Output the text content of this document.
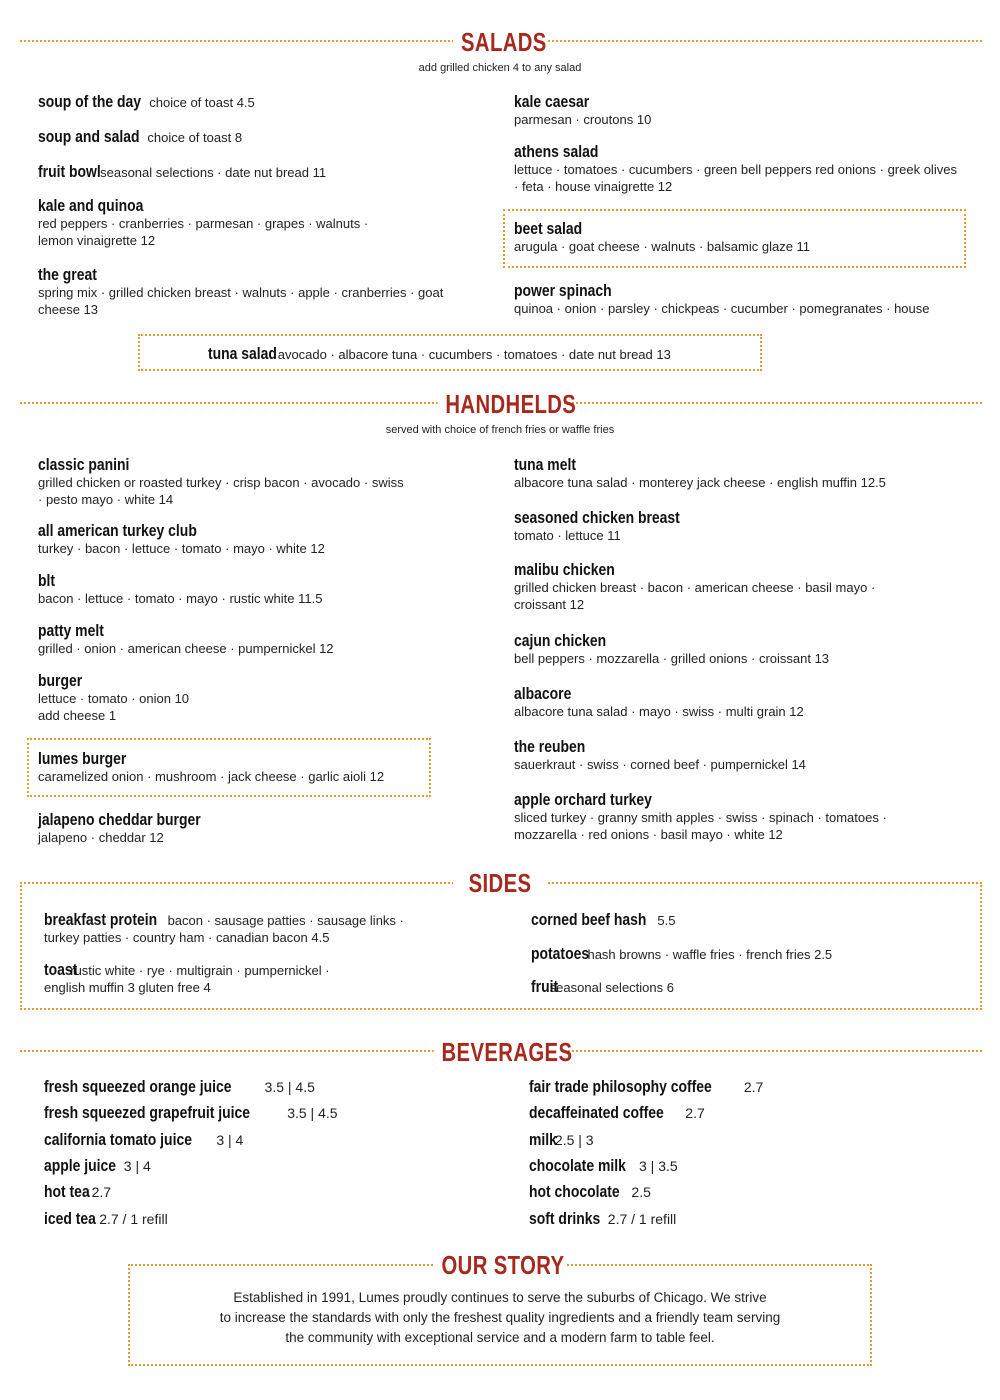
SALADS
add grilled chicken 4 to any salad
soup of the day choice of toast 4.5
soup and salad choice of toast 8
fruit bowl seasonal selections · date nut bread 11
kale and quinoa
red peppers · cranberries · parmesan · grapes · walnuts · lemon vinaigrette 12
the great
spring mix · grilled chicken breast · walnuts · apple · cranberries · goat cheese 13
kale caesar
parmesan · croutons 10
athens salad
lettuce · tomatoes · cucumbers · green bell peppers red onions · greek olives · feta · house vinaigrette 12
beet salad
arugula · goat cheese · walnuts · balsamic glaze 11
power spinach
quinoa · onion · parsley · chickpeas · cucumber · pomegranates · house
tuna salad avocado · albacore tuna · cucumbers · tomatoes · date nut bread 13
HANDHELDS
served with choice of french fries or waffle fries
classic panini
grilled chicken or roasted turkey · crisp bacon · avocado · swiss · pesto mayo · white 14
all american turkey club
turkey · bacon · lettuce · tomato · mayo · white 12
blt
bacon · lettuce · tomato · mayo · rustic white 11.5
patty melt
grilled · onion · american cheese · pumpernickel 12
burger
lettuce · tomato · onion 10
add cheese 1
lumes burger
caramelized onion · mushroom · jack cheese · garlic aioli 12
jalapeno cheddar burger
jalapeno · cheddar 12
tuna melt
albacore tuna salad · monterey jack cheese · english muffin 12.5
seasoned chicken breast
tomato · lettuce 11
malibu chicken
grilled chicken breast · bacon · american cheese · basil mayo · croissant 12
cajun chicken
bell peppers · mozzarella · grilled onions · croissant 13
albacore
albacore tuna salad · mayo · swiss · multi grain 12
the reuben
sauerkraut · swiss · corned beef · pumpernickel 14
apple orchard turkey
sliced turkey · granny smith apples · swiss · spinach · tomatoes · mozzarella · red onions · basil mayo · white 12
SIDES
breakfast protein bacon · sausage patties · sausage links · turkey patties · country ham · canadian bacon 4.5
toast rustic white · rye · multigrain · pumpernickel · english muffin 3 gluten free 4
corned beef hash 5.5
potatoes hash browns · waffle fries · french fries 2.5
fruit seasonal selections 6
BEVERAGES
fresh squeezed orange juice 3.5 | 4.5
fresh squeezed grapefruit juice	3.5 | 4.5
california tomato juice 3 | 4
apple juice 3 | 4
hot tea 2.7
iced tea 2.7 / 1 refill
fair trade philosophy coffee 2.7
decaffeinated coffee 2.7
milk 2.5 | 3
chocolate milk 3 | 3.5
hot chocolate 2.5
soft drinks 2.7 / 1 refill
OUR STORY
Established in 1991, Lumes proudly continues to serve the suburbs of Chicago. We strive
to increase the standards with only the freshest quality ingredients and a friendly team serving
the community with exceptional service and a modern farm to table feel.
